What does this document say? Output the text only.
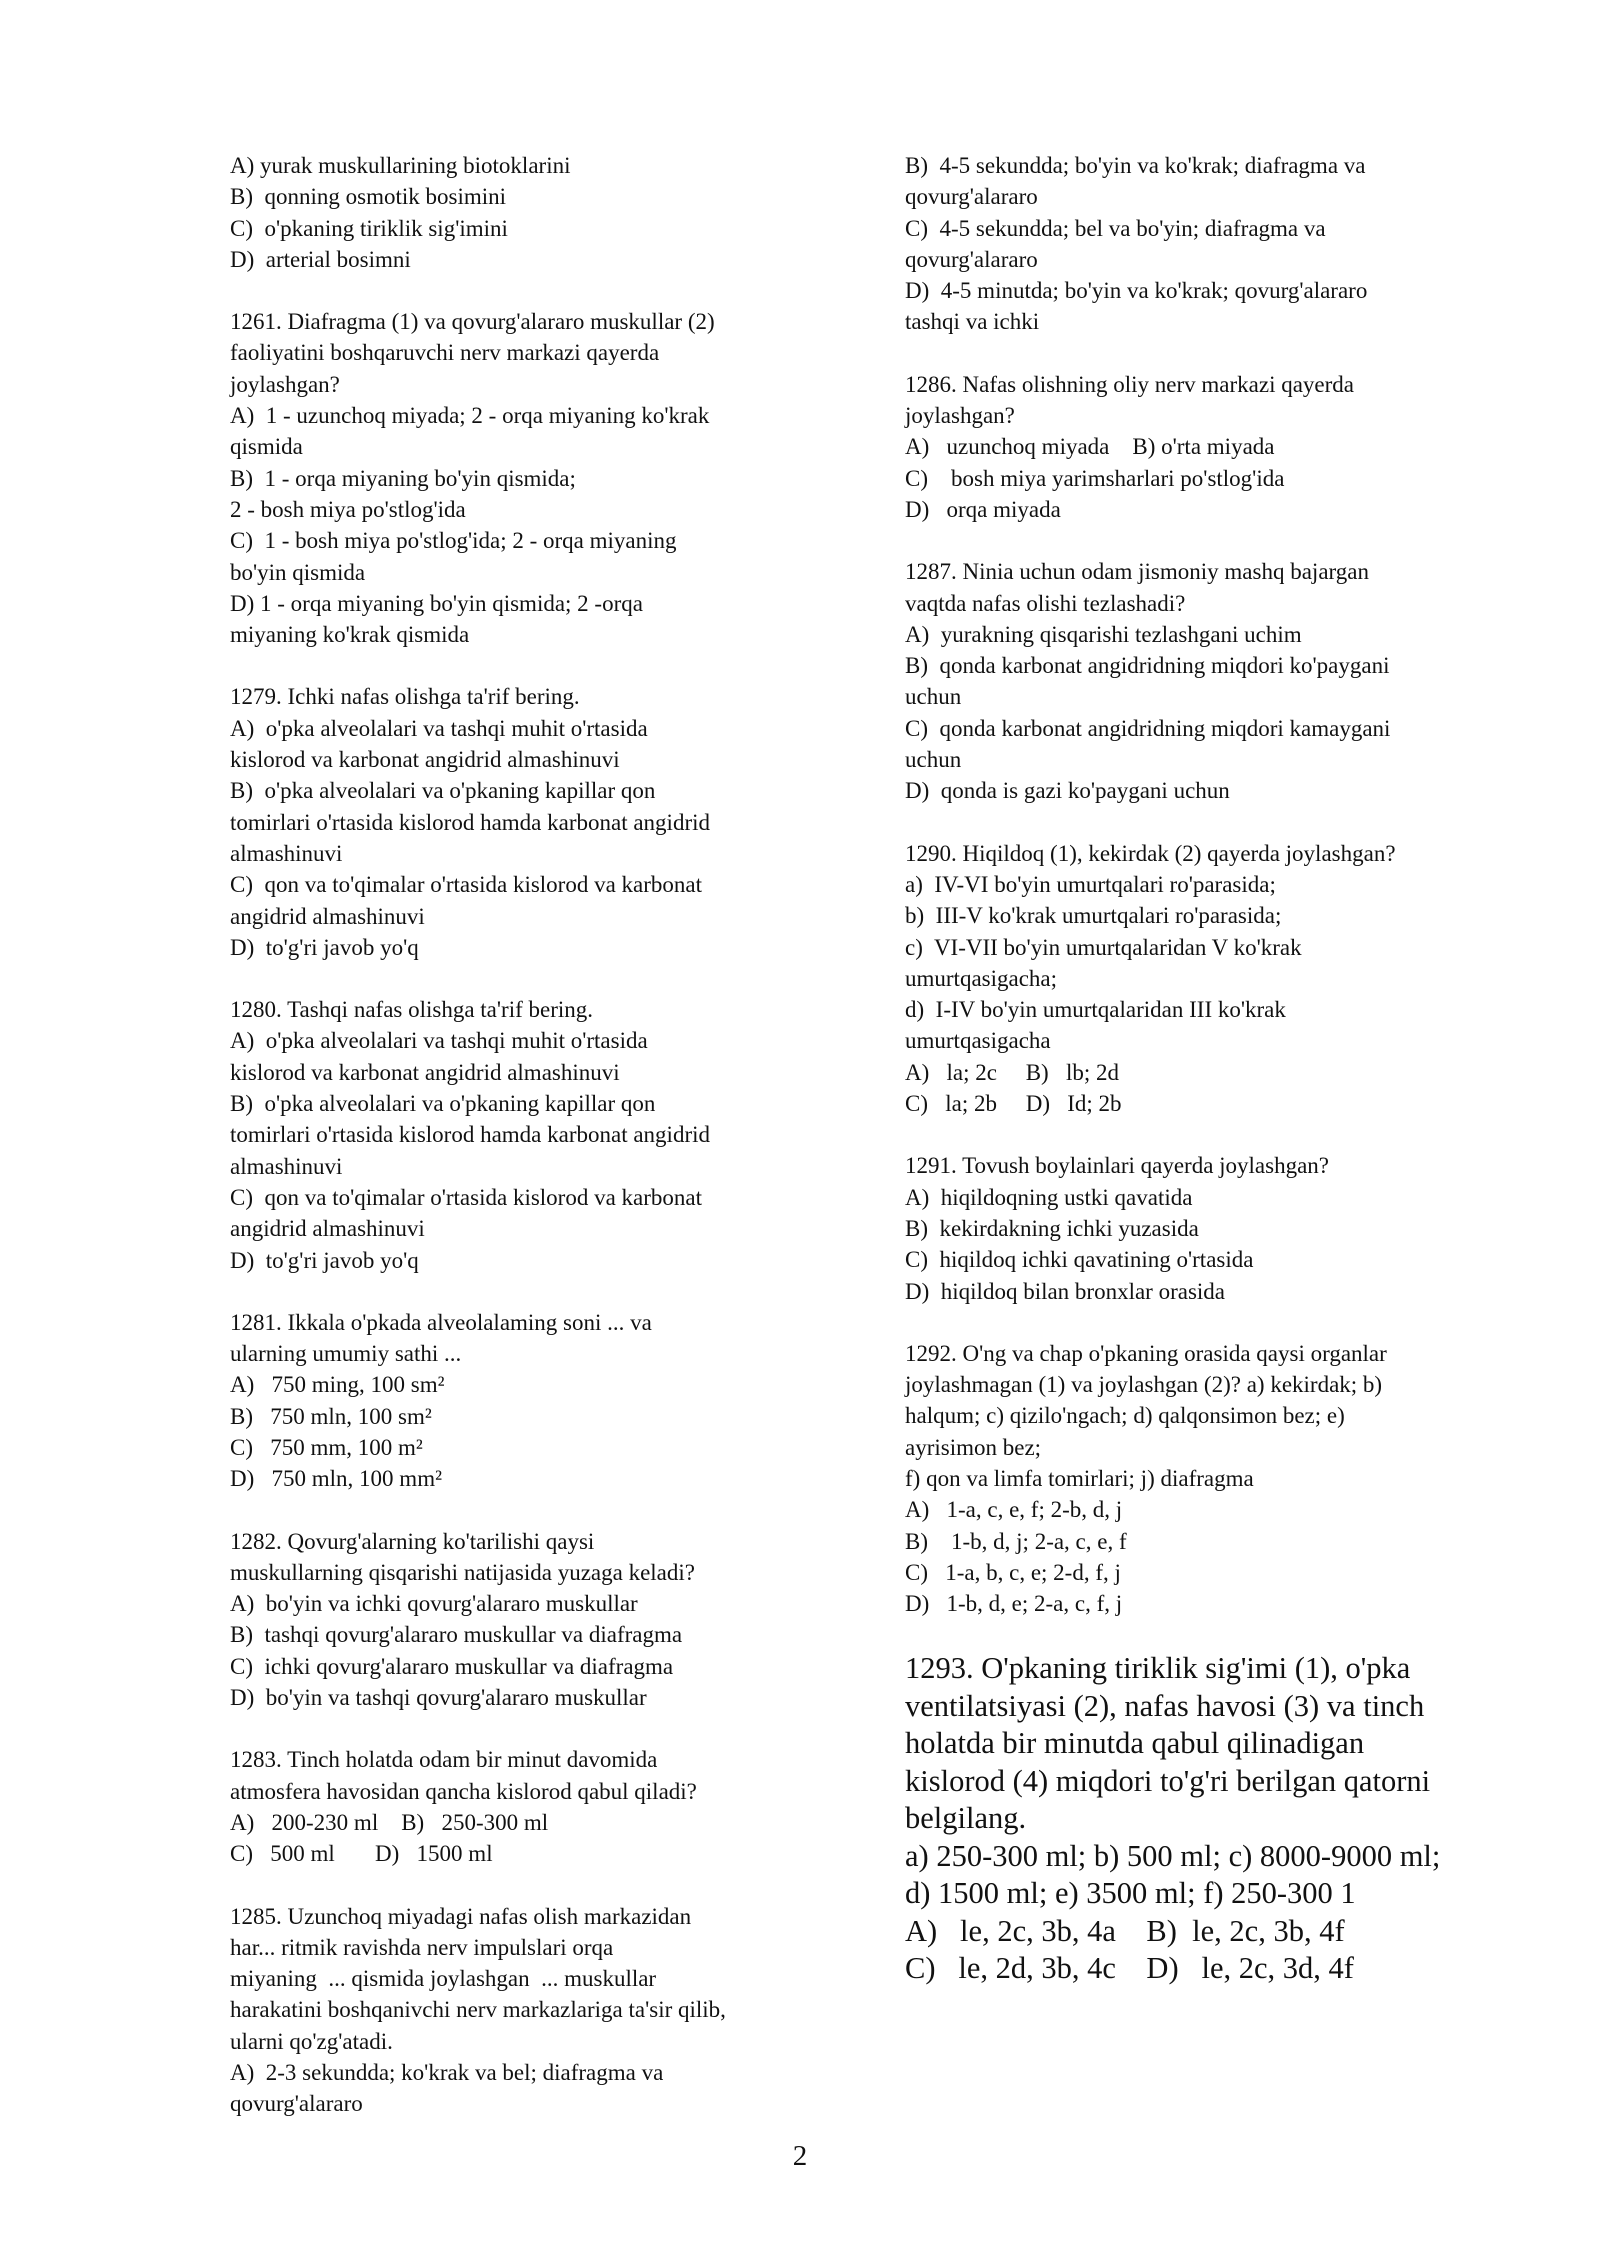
A) yurak muskullarining biotoklarini
B)  qonning osmotik bosimini
C)  o'pkaning tiriklik sig'imini
D)  arterial bosimni
1261. Diafragma (1) va qovurg'alararo muskullar (2)
faoliyatini boshqaruvchi nerv markazi qayerda
joylashgan?
A)  1 - uzunchoq miyada; 2 - orqa miyaning ko'krak
qismida
B)  1 - orqa miyaning bo'yin qismida;
2 - bosh miya po'stlog'ida
C)  1 - bosh miya po'stlog'ida; 2 - orqa miyaning
bo'yin qismida
D) 1 - orqa miyaning bo'yin qismida; 2 -orqa
miyaning ko'krak qismida
1279. Ichki nafas olishga ta'rif bering.
A)  o'pka alveolalari va tashqi muhit o'rtasida
kislorod va karbonat angidrid almashinuvi
B)  o'pka alveolalari va o'pkaning kapillar qon
tomirlari o'rtasida kislorod hamda karbonat angidrid
almashinuvi
C)  qon va to'qimalar o'rtasida kislorod va karbonat
angidrid almashinuvi
D)  to'g'ri javob yo'q
1280. Tashqi nafas olishga ta'rif bering.
A)  o'pka alveolalari va tashqi muhit o'rtasida
kislorod va karbonat angidrid almashinuvi
B)  o'pka alveolalari va o'pkaning kapillar qon
tomirlari o'rtasida kislorod hamda karbonat angidrid
almashinuvi
C)  qon va to'qimalar o'rtasida kislorod va karbonat
angidrid almashinuvi
D)  to'g'ri javob yo'q
1281. Ikkala o'pkada alveolalaming soni ... va
ularning umumiy sathi ...
A)   750 ming, 100 sm²
B)   750 mln, 100 sm²
C)   750 mm, 100 m²
D)   750 mln, 100 mm²
1282. Qovurg'alarning ko'tarilishi qaysi
muskullarning qisqarishi natijasida yuzaga keladi?
A)  bo'yin va ichki qovurg'alararo muskullar
B)  tashqi qovurg'alararo muskullar va diafragma
C)  ichki qovurg'alararo muskullar va diafragma
D)  bo'yin va tashqi qovurg'alararo muskullar
1283. Tinch holatda odam bir minut davomida
atmosfera havosidan qancha kislorod qabul qiladi?
A)   200-230 ml    B)   250-300 ml
C)   500 ml       D)   1500 ml
1285. Uzunchoq miyadagi nafas olish markazidan
har... ritmik ravishda nerv impulslari orqa
miyaning  ... qismida joylashgan  ... muskullar
harakatini boshqanivchi nerv markazlariga ta'sir qilib,
ularni qo'zg'atadi.
A)  2-3 sekundda; ko'krak va bel; diafragma va
qovurg'alararo
B)  4-5 sekundda; bo'yin va ko'krak; diafragma va
qovurg'alararo
C)  4-5 sekundda; bel va bo'yin; diafragma va
qovurg'alararo
D)  4-5 minutda; bo'yin va ko'krak; qovurg'alararo
tashqi va ichki
1286. Nafas olishning oliy nerv markazi qayerda
joylashgan?
A)   uzunchoq miyada    B) o'rta miyada
C)    bosh miya yarimsharlari po'stlog'ida
D)   orqa miyada
1287. Ninia uchun odam jismoniy mashq bajargan
vaqtda nafas olishi tezlashadi?
A)  yurakning qisqarishi tezlashgani uchim
B)  qonda karbonat angidridning miqdori ko'paygani
uchun
C)  qonda karbonat angidridning miqdori kamaygani
uchun
D)  qonda is gazi ko'paygani uchun
1290. Hiqildoq (1), kekirdak (2) qayerda joylashgan?
a)  IV-VI bo'yin umurtqalari ro'parasida;
b)  III-V ko'krak umurtqalari ro'parasida;
c)  VI-VII bo'yin umurtqalaridan V ko'krak
umurtqasigacha;
d)  I-IV bo'yin umurtqalaridan III ko'krak
umurtqasigacha
A)   la; 2c     B)   lb; 2d
C)   la; 2b     D)   Id; 2b
1291. Tovush boylainlari qayerda joylashgan?
A)  hiqildoqning ustki qavatida
B)  kekirdakning ichki yuzasida
C)  hiqildoq ichki qavatining o'rtasida
D)  hiqildoq bilan bronxlar orasida
1292. O'ng va chap o'pkaning orasida qaysi organlar
joylashmagan (1) va joylashgan (2)? a) kekirdak; b)
halqum; c) qizilo'ngach; d) qalqonsimon bez; e)
ayrisimon bez;
f) qon va limfa tomirlari; j) diafragma
A)   1-a, c, e, f; 2-b, d, j
B)    1-b, d, j; 2-a, c, e, f
C)   1-a, b, c, e; 2-d, f, j
D)   1-b, d, e; 2-a, c, f, j
1293. O'pkaning tiriklik sig'imi (1), o'pka
ventilatsiyasi (2), nafas havosi (3) va tinch
holatda bir minutda qabul qilinadigan
kislorod (4) miqdori to'g'ri berilgan qatorni
belgilang.
a) 250-300 ml; b) 500 ml; c) 8000-9000 ml;
d) 1500 ml; e) 3500 ml; f) 250-300 1
A)   le, 2c, 3b, 4a    B)  le, 2c, 3b, 4f
C)   le, 2d, 3b, 4c    D)   le, 2c, 3d, 4f
2
